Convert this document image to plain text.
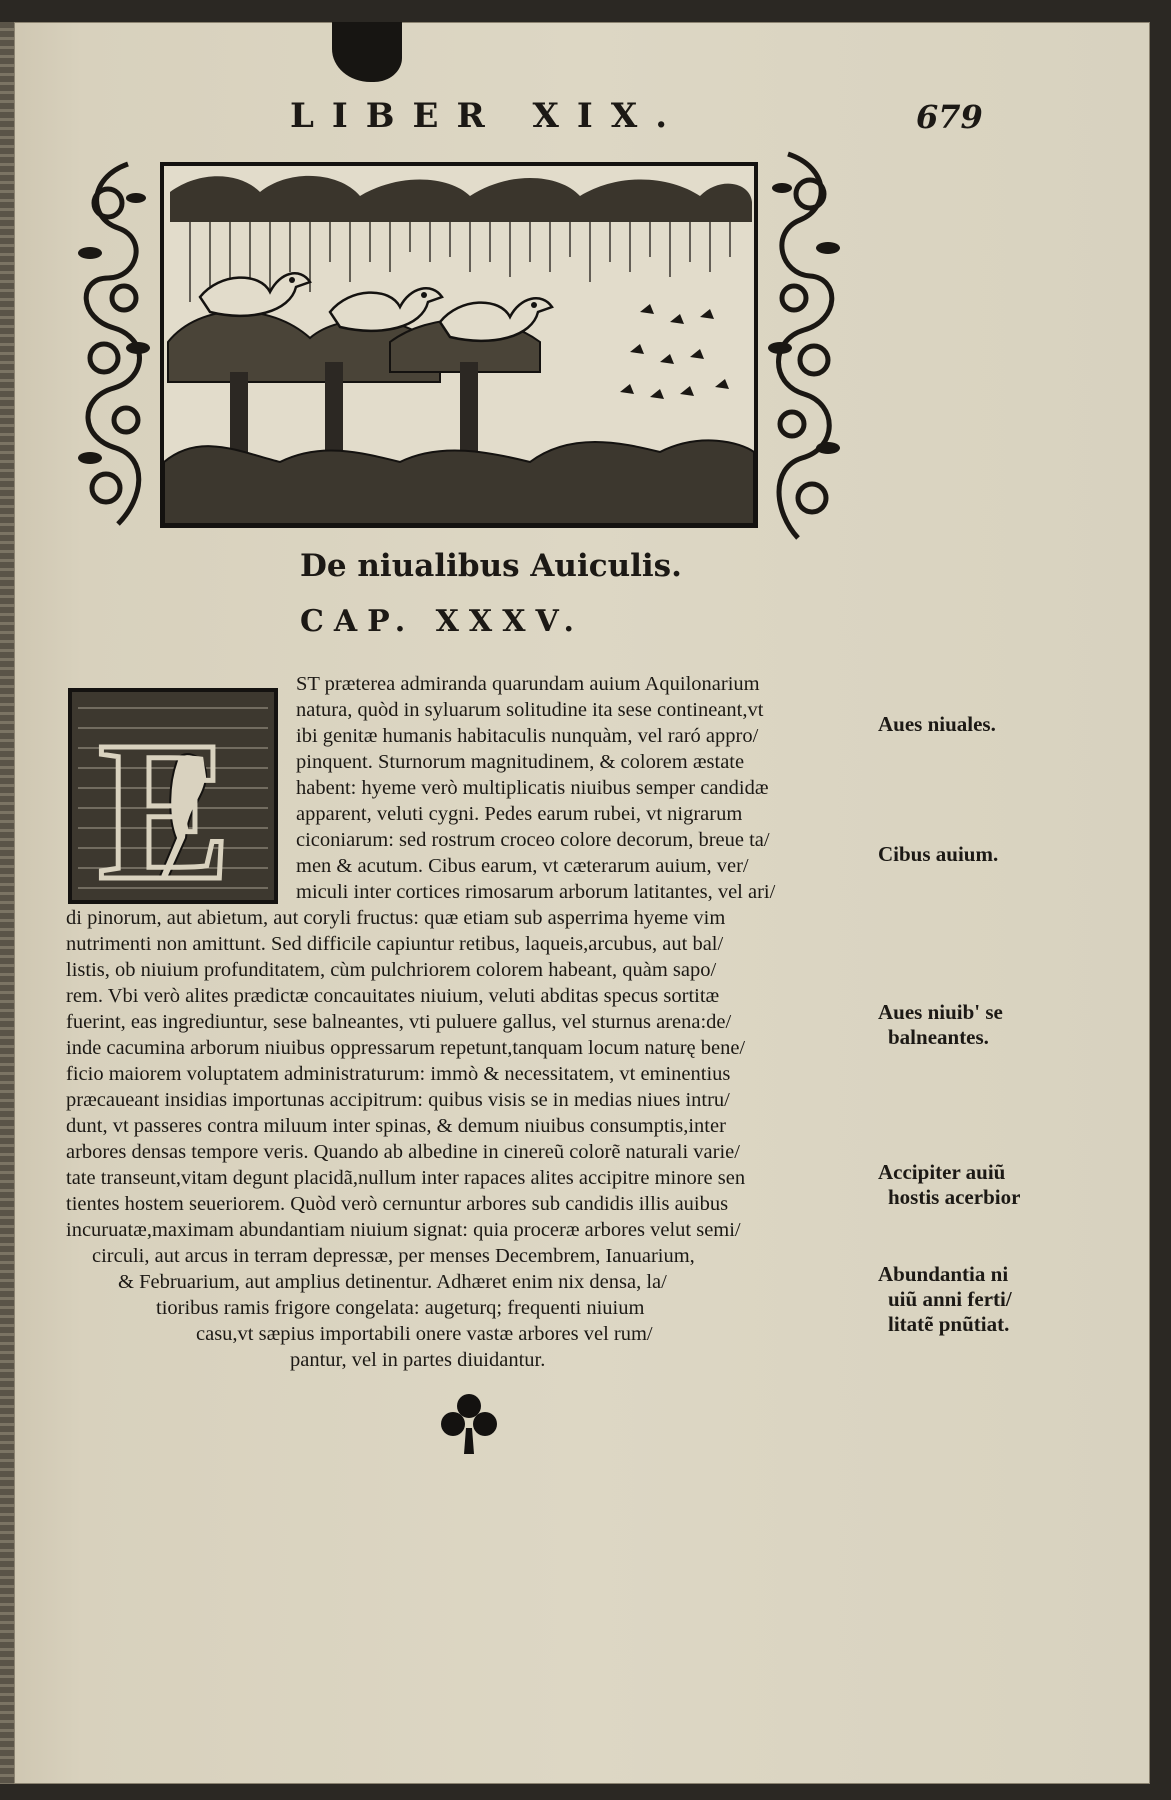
LIBER XIX.	679
De niualibus Auiculis.
CAP. XXXV.
E
ST præterea admiranda quarundam auium Aquilonarium
natura, quòd in syluarum solitudine ita sese contineant,vt
ibi genitæ humanis habitaculis nunquàm, vel raró appro/
pinquent. Sturnorum magnitudinem, & colorem æstate
habent: hyeme verò multiplicatis niuibus semper candidæ
apparent, veluti cygni. Pedes earum rubei, vt nigrarum
ciconiarum: sed rostrum croceo colore decorum, breue ta/
men & acutum. Cibus earum, vt cæterarum auium, ver/
miculi inter cortices rimosarum arborum latitantes, vel ari/
di pinorum, aut abietum, aut coryli fructus: quæ etiam sub asperrima hyeme vim
nutrimenti non amittunt. Sed difficile capiuntur retibus, laqueis,arcubus, aut bal/
listis, ob niuium profunditatem, cùm pulchriorem colorem habeant, quàm sapo/
rem. Vbi verò alites prædictæ concauitates niuium, veluti abditas specus sortitæ
fuerint, eas ingrediuntur, sese balneantes, vti puluere gallus, vel sturnus arena:de/
inde cacumina arborum niuibus oppressarum repetunt,tanquam locum naturę bene/
ficio maiorem voluptatem administraturum: immò & necessitatem, vt eminentius
præcaueant insidias importunas accipitrum: quibus visis se in medias niues intru/
dunt, vt passeres contra miluum inter spinas, & demum niuibus consumptis,inter
arbores densas tempore veris. Quando ab albedine in cinereũ colorẽ naturali varie/
tate transeunt,vitam degunt placidã,nullum inter rapaces alites accipitre minore sen
tientes hostem seueriorem. Quòd verò cernuntur arbores sub candidis illis auibus
incuruatæ,maximam abundantiam niuium signat: quia proceræ arbores velut semi/
circuli, aut arcus in terram depressæ, per menses Decembrem, Ianuarium,
& Februarium, aut amplius detinentur. Adhæret enim nix densa, la/
tioribus ramis frigore congelata: augeturq; frequenti niuium
casu,vt sæpius importabili onere vastæ arbores vel rum/
pantur, vel in partes diuidantur.
Aues niuales.
Cibus auium.
Aues niuib' se
balneantes.
Accipiter auiũ
hostis acerbior
Abundantia ni
uiũ anni ferti/
litatẽ pnũtiat.
